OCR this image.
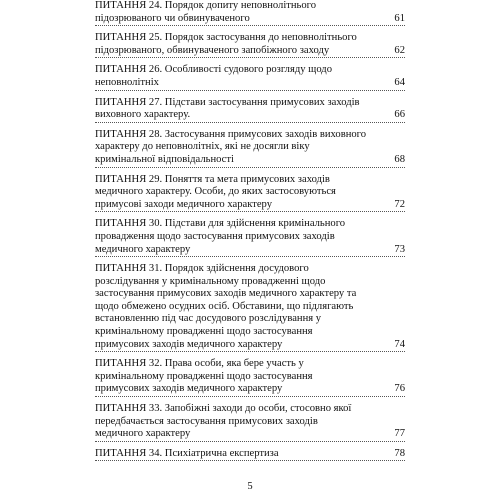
ПИТАННЯ 24. Порядок допиту неповнолітнього
підозрюваного чи обвинуваченого	61
ПИТАННЯ 25. Порядок застосування до неповнолітнього
підозрюваного, обвинуваченого запобіжного заходу	62
ПИТАННЯ 26. Особливості судового розгляду щодо
неповнолітніх	64
ПИТАННЯ 27. Підстави застосування примусових заходів
виховного характеру.	66
ПИТАННЯ 28. Застосування примусових заходів виховного
характеру до неповнолітніх, які не досягли віку
кримінальної відповідальності	68
ПИТАННЯ 29. Поняття та мета примусових заходів
медичного характеру. Особи, до яких застосовуються
примусові заходи медичного характеру	72
ПИТАННЯ 30. Підстави для здійснення кримінального
провадження щодо застосування примусових заходів
медичного характеру	73
ПИТАННЯ 31. Порядок здійснення досудового
розслідування у кримінальному провадженні щодо
застосування примусових заходів медичного характеру та
щодо обмежено осудних осіб. Обставини, що підлягають
встановленню під час досудового розслідування у
кримінальному провадженні щодо застосування
примусових заходів медичного характеру	74
ПИТАННЯ 32. Права особи, яка бере участь у
кримінальному провадженні щодо застосування
примусових заходів медичного характеру	76
ПИТАННЯ 33. Запобіжні заходи до особи, стосовно якої
передбачається застосування примусових заходів
медичного характеру	77
ПИТАННЯ 34. Психіатрична експертиза	78
5
